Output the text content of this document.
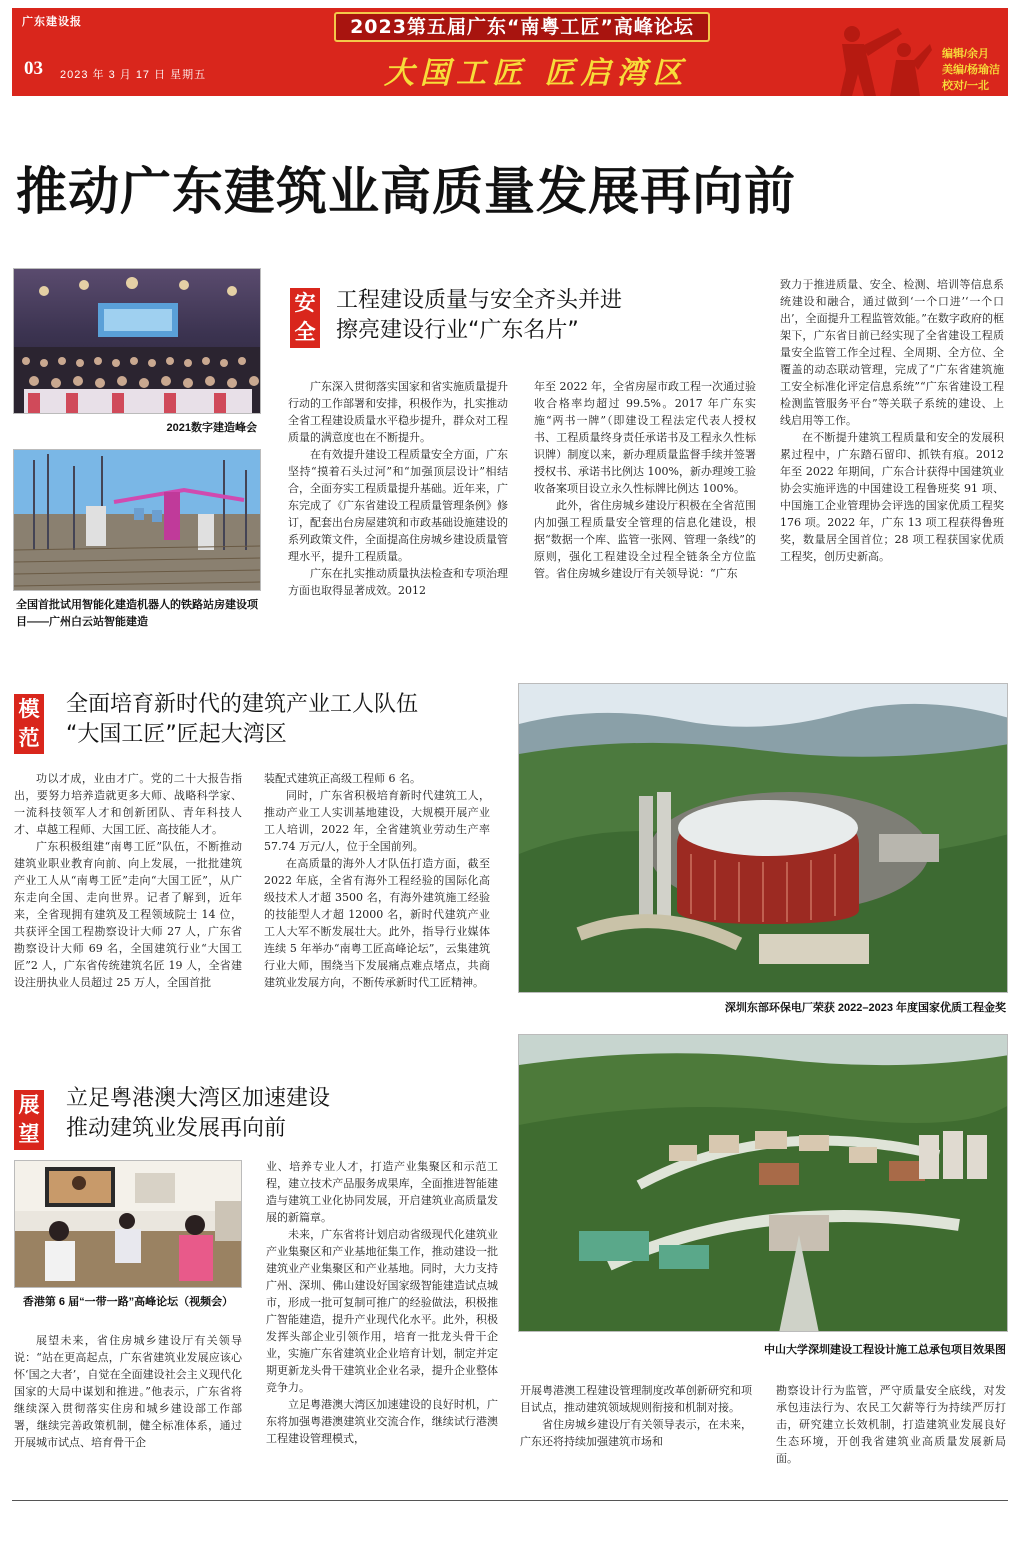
广东建设报	2023第五届广东“南粤工匠”高峰论坛
03 2023 年 3 月 17 日 星期五	大国工匠 匠启湾区
编辑/余月
美编/杨瑜洁
校对/一北
推动广东建筑业高质量发展再向前
2021数字建造峰会
全国首批试用智能化建造机器人的铁路站房建设项目——广州白云站智能建造
安全
工程建设质量与安全齐头并进
擦亮建设行业“广东名片”

广东深入贯彻落实国家和省实施质量提升行动的工作部署和安排，积极作为，扎实推动全省工程建设质量水平稳步提升，群众对工程质量的满意度也在不断提升。

在有效提升建设工程质量安全方面，广东坚持“摸着石头过河”和“加强顶层设计”相结合，全面夯实工程质量提升基础。近年来，广东完成了《广东省建设工程质量管理条例》修订，配套出台房屋建筑和市政基础设施建设的系列政策文件，全面提高住房城乡建设质量管理水平，提升工程质量。

广东在扎实推动质量执法检查和专项治理方面也取得显著成效。2012

年至 2022 年，全省房屋市政工程一次通过验收合格率均超过 99.5%。2017 年广东实施“两书一牌”（即建设工程法定代表人授权书、工程质量终身责任承诺书及工程永久性标识牌）制度以来，新办理质量监督手续并签署授权书、承诺书比例达 100%，新办理竣工验收备案项目设立永久性标牌比例达 100%。

此外，省住房城乡建设厅积极在全省范围内加强工程质量安全管理的信息化建设，根据“数据一个库、监管一张网、管理一条线”的原则，强化工程建设全过程全链条全方位监管。省住房城乡建设厅有关领导说：“广东

致力于推进质量、安全、检测、培训等信息系统建设和融合，通过做到‘一个口进’‘一个口出’，全面提升工程监管效能。”在数字政府的框架下，广东省目前已经实现了全省建设工程质量安全监管工作全过程、全周期、全方位、全覆盖的动态联动管理，完成了“广东省建筑施工安全标准化评定信息系统”“广东省建设工程检测监管服务平台”等关联子系统的建设、上线启用等工作。

在不断提升建筑工程质量和安全的发展积累过程中，广东踏石留印、抓铁有痕。2012 年至 2022 年期间，广东合计获得中国建筑业协会实施评选的中国建设工程鲁班奖 91 项、中国施工企业管理协会评选的国家优质工程奖 176 项。2022 年，广东 13 项工程获得鲁班奖，数量居全国首位；28 项工程获国家优质工程奖，创历史新高。

模范
全面培育新时代的建筑产业工人队伍
“大国工匠”匠起大湾区

功以才成，业由才广。党的二十大报告指出，要努力培养造就更多大师、战略科学家、一流科技领军人才和创新团队、青年科技人才、卓越工程师、大国工匠、高技能人才。

广东积极组建“南粤工匠”队伍，不断推动建筑业职业教育向前、向上发展，一批批建筑产业工人从“南粤工匠”走向“大国工匠”，从广东走向全国、走向世界。记者了解到，近年来，全省现拥有建筑及工程领域院士 14 位，共获评全国工程勘察设计大师 27 人，广东省勘察设计大师 69 名，全国建筑行业“大国工匠”2 人，广东省传统建筑名匠 19 人，全省建设注册执业人员超过 25 万人，全国首批

装配式建筑正高级工程师 6 名。

同时，广东省积极培育新时代建筑工人，推动产业工人实训基地建设，大规模开展产业工人培训，2022 年，全省建筑业劳动生产率 57.74 万元/人，位于全国前列。

在高质量的海外人才队伍打造方面，截至 2022 年底，全省有海外工程经验的国际化高级技术人才超 3500 名，有海外建筑施工经验的技能型人才超 12000 名，新时代建筑产业工人大军不断发展壮大。此外，指导行业媒体连续 5 年举办“南粤工匠高峰论坛”，云集建筑行业大师，围绕当下发展痛点难点堵点，共商建筑业发展方向，不断传承新时代工匠精神。

深圳东部环保电厂荣获 2022–2023 年度国家优质工程金奖
展望
立足粤港澳大湾区加速建设
推动建筑业发展再向前
香港第 6 届“一带一路”高峰论坛（视频会）

展望未来，省住房城乡建设厅有关领导说：“站在更高起点，广东省建筑业发展应该心怀‘国之大者’，自觉在全面建设社会主义现代化国家的大局中谋划和推进。”他表示，广东省将继续深入贯彻落实住房和城乡建设部工作部署，继续完善政策机制，健全标准体系，通过开展城市试点、培育骨干企

业、培养专业人才，打造产业集聚区和示范工程，建立技术产品服务成果库，全面推进智能建造与建筑工业化协同发展，开启建筑业高质量发展的新篇章。

未来，广东省将计划启动省级现代化建筑业产业集聚区和产业基地征集工作，推动建设一批建筑业产业集聚区和产业基地。同时，大力支持广州、深圳、佛山建设好国家级智能建造试点城市，形成一批可复制可推广的经验做法，积极推广智能建造，提升产业现代化水平。此外，积极发挥头部企业引领作用，培育一批龙头骨干企业，实施广东省建筑业企业培育计划，制定并定期更新龙头骨干建筑业企业名录，提升企业整体竞争力。

立足粤港澳大湾区加速建设的良好时机，广东将加强粤港澳建筑业交流合作，继续试行港澳工程建设管理模式，

中山大学深圳建设工程设计施工总承包项目效果图

开展粤港澳工程建设管理制度改革创新研究和项目试点，推动建筑领域规则衔接和机制对接。

省住房城乡建设厅有关领导表示，在未来，广东还将持续加强建筑市场和

勘察设计行为监管，严守质量安全底线，对发承包违法行为、农民工欠薪等行为持续严厉打击，研究建立长效机制，打造建筑业发展良好生态环境，开创我省建筑业高质量发展新局面。
